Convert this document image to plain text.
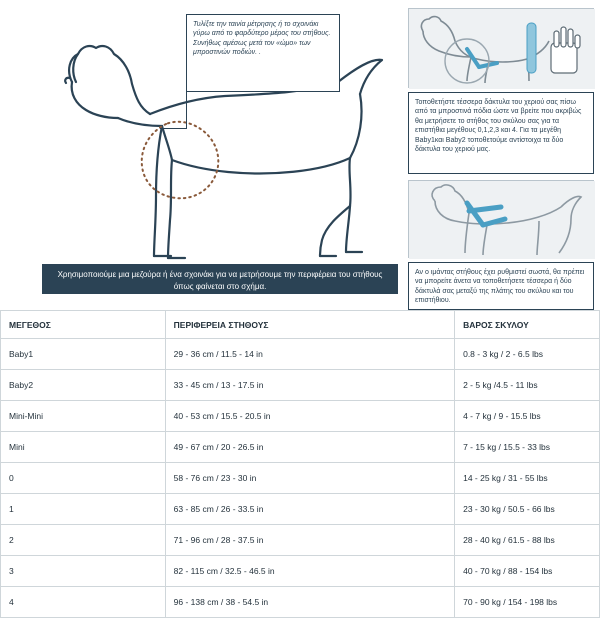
Τυλίξτε την ταινία μέτρησης ή το σχοινάκι γύρω από το φαρδύτερο μέρος του στήθους. Συνήθως αμέσως μετά τον «ώμο» των μπροστινών ποδιών. .
Τοποθετήστε τέσσερα δάκτυλα του χεριού σας πίσω από τα μπροστινά πόδια ώστε να βρείτε που ακριβώς θα μετρήσετε το στήθος του σκύλου σας για τα επιστήθια μεγέθους 0,1,2,3 και 4. Για τα μεγέθη Baby1και Baby2 τοποθετούμε αντίστοιχα τα δύο δάκτυλα του χεριού μας.
Αν ο ιμάντας στήθους έχει ρυθμιστεί σωστά, θα πρέπει να μπορείτε άνετα να τοποθετήσετε τέσσερα ή δύο δάκτυλά σας μεταξύ της πλάτης του σκύλου και του επιστήθιου.
Χρησιμοποιούμε μια μεζούρα ή ένα σχοινάκι για να μετρήσουμε την περιφέρεια του στήθους όπως φαίνεται στο σχήμα.
ΜΕΓΕΘΟΣ	ΠΕΡΙΦΕΡΕΙΑ ΣΤΗΘΟΥΣ	ΒΑΡΟΣ ΣΚΥΛΟΥ
Baby1	29 - 36 cm / 11.5 - 14 in	0.8 - 3 kg / 2 - 6.5 lbs
Baby2	33 - 45 cm / 13 - 17.5 in	2 - 5 kg /4.5 - 11 lbs
Mini-Mini	40 - 53 cm / 15.5 - 20.5 in	4 - 7 kg / 9 - 15.5 lbs
Mini	49 - 67 cm / 20 - 26.5 in	7 - 15 kg / 15.5 - 33 lbs
0	58 - 76 cm / 23 - 30 in	14 - 25 kg / 31 - 55 lbs
1	63 - 85 cm / 26 - 33.5 in	23 - 30 kg / 50.5 - 66 lbs
2	71 - 96 cm / 28 - 37.5 in	28 - 40 kg / 61.5 - 88 lbs
3	82 - 115 cm / 32.5 - 46.5 in	40 - 70 kg / 88 - 154 lbs
4	96 - 138 cm / 38 - 54.5 in	70 - 90 kg / 154 - 198 lbs
